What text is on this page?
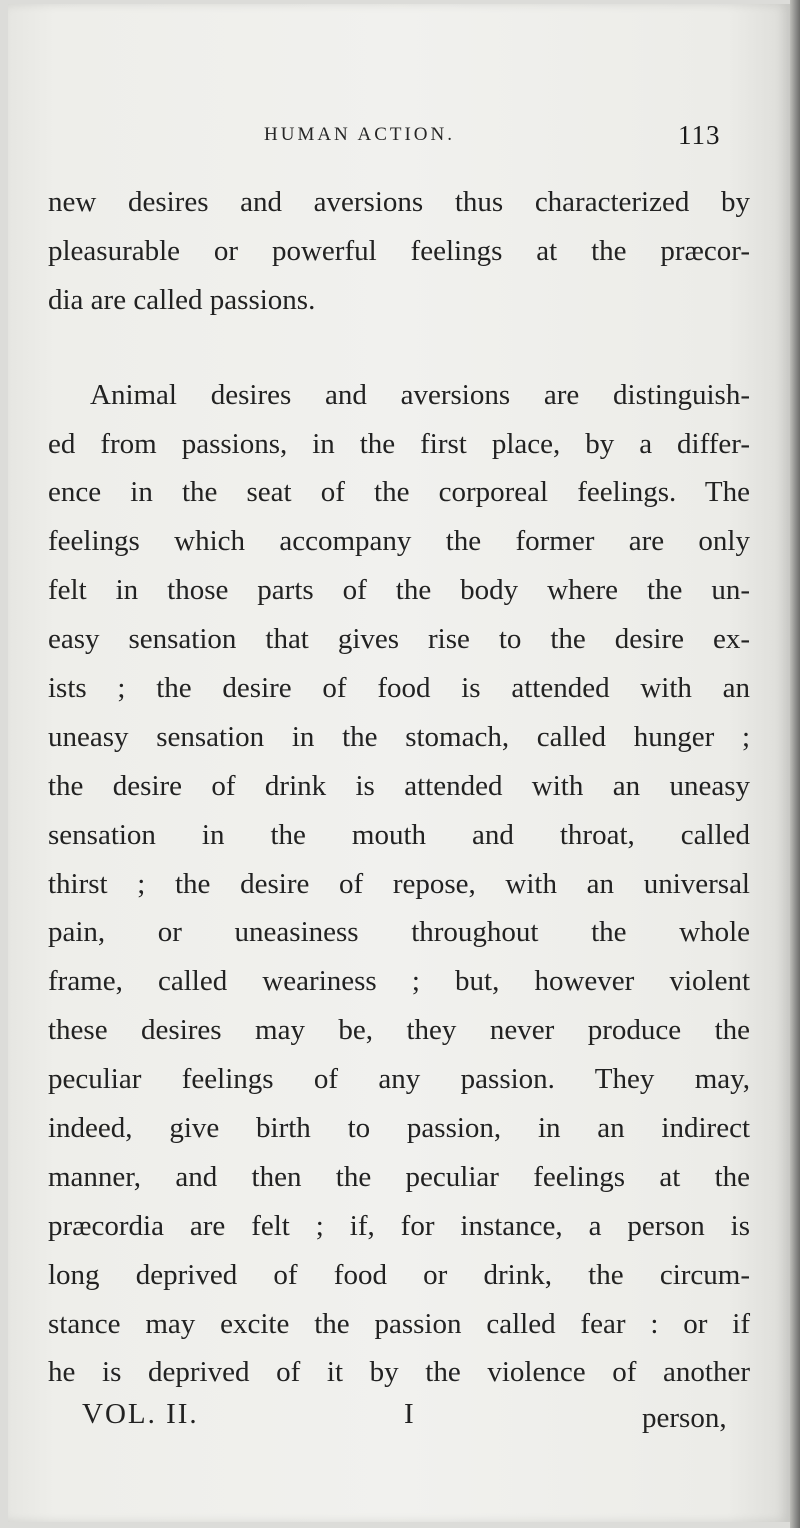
HUMAN ACTION.	113
new desires and aversions thus characterized by
pleasurable or powerful feelings at the præcor-
dia are called passions.
Animal desires and aversions are distinguish-
ed from passions, in the first place, by a differ-
ence in the seat of the corporeal feelings. The
feelings which accompany the former are only
felt in those parts of the body where the un-
easy sensation that gives rise to the desire ex-
ists ; the desire of food is attended with an
uneasy sensation in the stomach, called hunger ;
the desire of drink is attended with an uneasy
sensation in the mouth and throat, called
thirst ; the desire of repose, with an universal
pain, or uneasiness throughout the whole
frame, called weariness ; but, however violent
these desires may be, they never produce the
peculiar feelings of any passion. They may,
indeed, give birth to passion, in an indirect
manner, and then the peculiar feelings at the
præcordia are felt ; if, for instance, a person is
long deprived of food or drink, the circum-
stance may excite the passion called fear : or if
he is deprived of it by the violence of another
VOL. II.	I	person,
